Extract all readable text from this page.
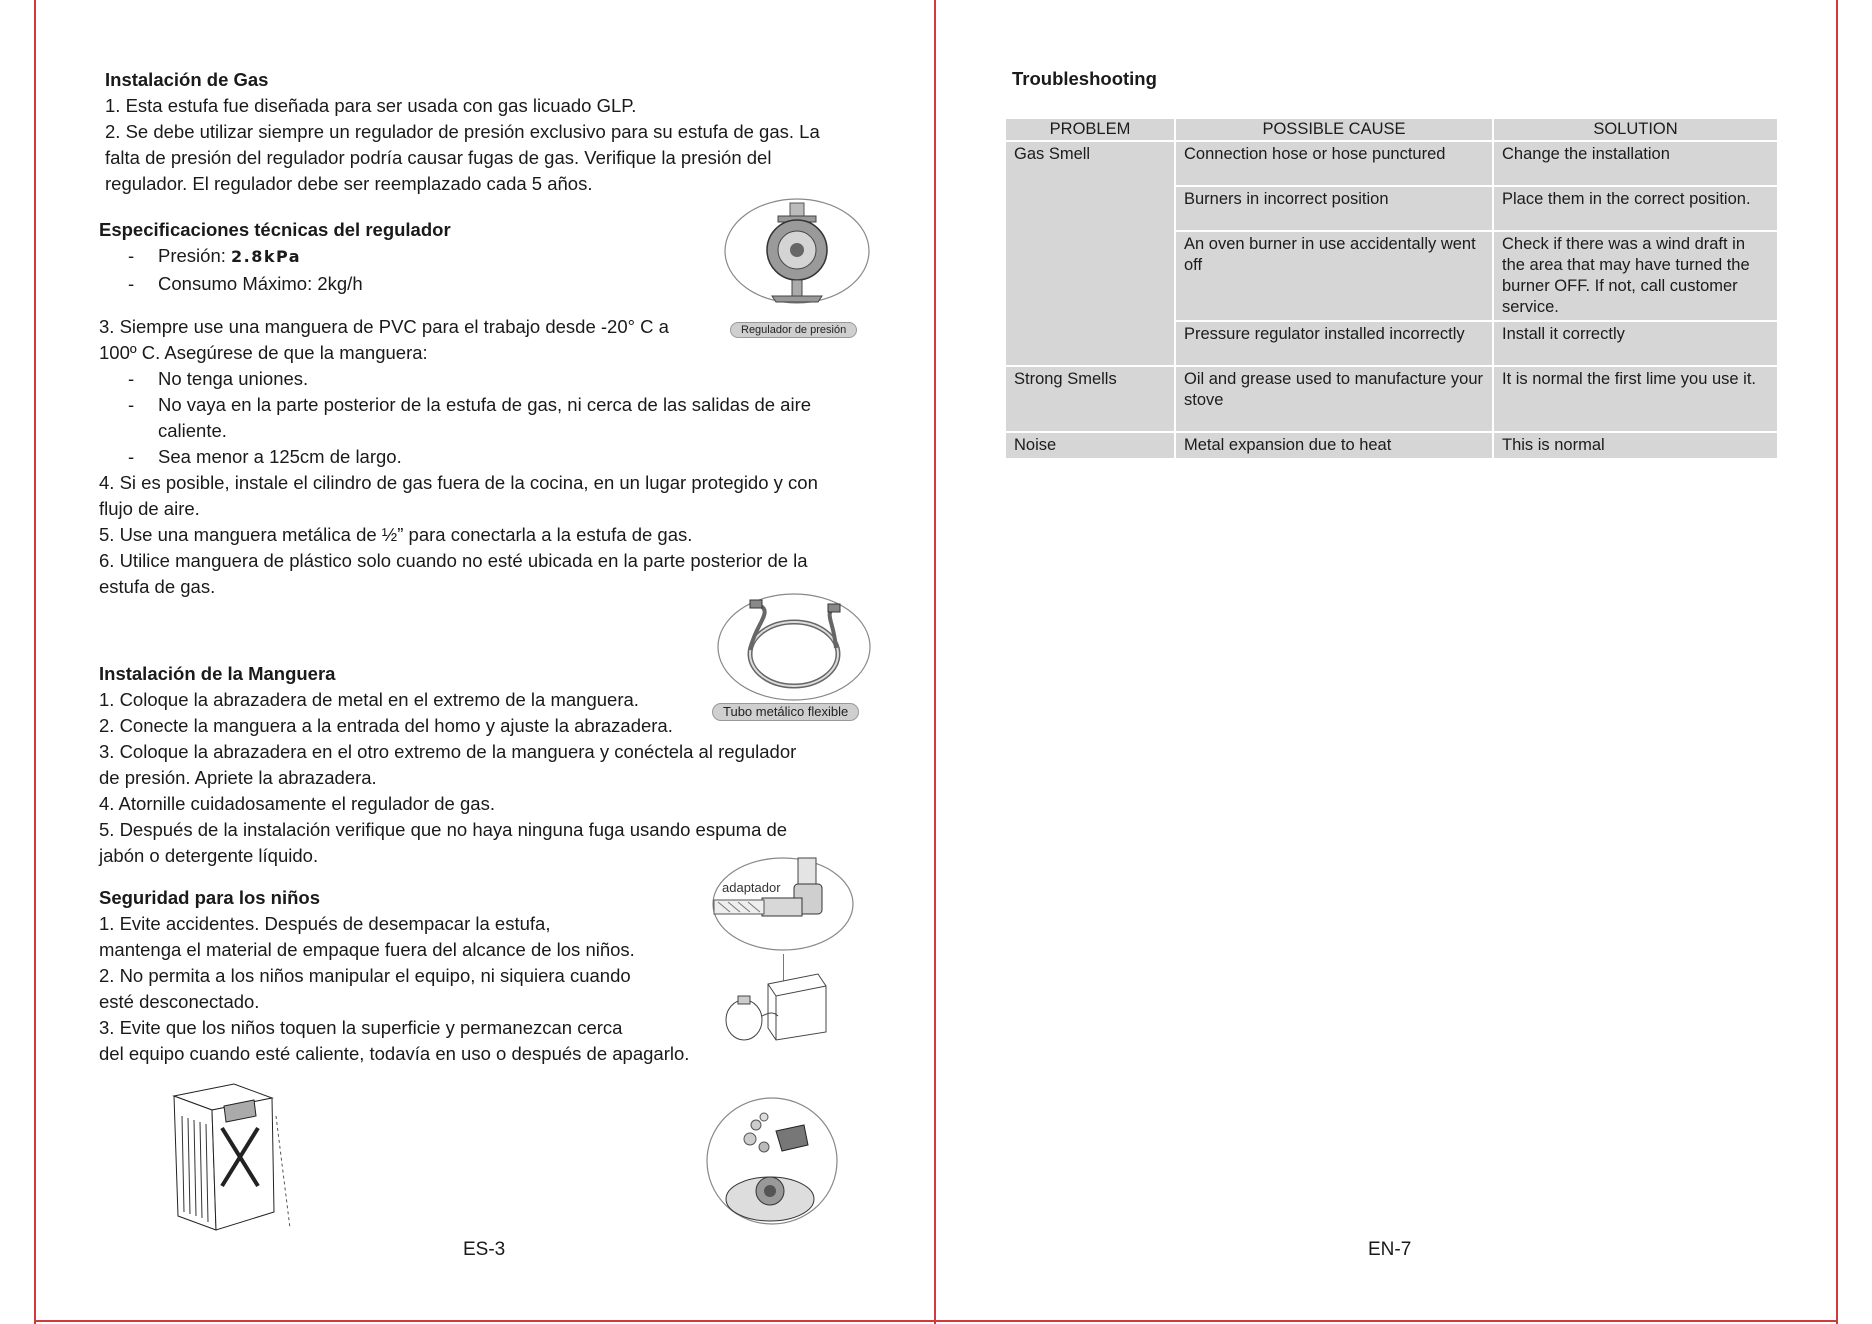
Instalación de Gas
1. Esta estufa fue diseñada para ser usada con gas licuado GLP.
2. Se debe utilizar siempre un regulador de presión exclusivo para su estufa de gas. La
falta de presión del regulador podría causar fugas de gas. Verifique la presión del
regulador. El regulador debe ser reemplazado cada 5 años.
Especificaciones técnicas del regulador
- Presión: 2.8kPa
- Consumo Máximo: 2kg/h
Regulador de presión
3. Siempre use una manguera de PVC para el trabajo desde -20° C a
100º C. Asegúrese de que la manguera:
- No tenga uniones.
- No vaya en la parte posterior de la estufa de gas, ni cerca de las salidas de aire
caliente.
- Sea menor a 125cm de largo.
4. Si es posible, instale el cilindro de gas fuera de la cocina, en un lugar protegido y con
flujo de aire.
5. Use una manguera metálica de ½” para conectarla a la estufa de gas.
6. Utilice manguera de plástico solo cuando no esté ubicada en la parte posterior de la
estufa de gas.
Tubo metálico flexible
Instalación de la Manguera
1. Coloque la abrazadera de metal en el extremo de la manguera.
2. Conecte la manguera a la entrada del homo y ajuste la abrazadera.
3. Coloque la abrazadera en el otro extremo de la manguera y conéctela al regulador
de presión. Apriete la abrazadera.
4. Atornille cuidadosamente el regulador de gas.
5. Después de la instalación verifique que no haya ninguna fuga usando espuma de
jabón o detergente líquido.
adaptador
Seguridad para los niños
1. Evite accidentes. Después de desempacar la estufa,
mantenga el material de empaque fuera del alcance de los niños.
2. No permita a los niños manipular el equipo, ni siquiera cuando
esté desconectado.
3. Evite que los niños toquen la superficie y permanezcan cerca
del equipo cuando esté caliente, todavía en uso o después de apagarlo.
ES-3
Troubleshooting
PROBLEM	POSSIBLE CAUSE	SOLUTION
Gas Smell	Connection hose or hose punctured	Change the installation
	Burners in incorrect position	Place them in the correct position.
	An oven burner in use accidentally went off	Check if there was a wind draft in the area that may have turned the burner OFF. If not, call customer service.
	Pressure regulator installed incorrectly	Install it correctly
Strong Smells	Oil and grease used to manufacture your stove	It is normal the first lime you use it.
Noise	Metal expansion due to heat	This is normal
EN-7
